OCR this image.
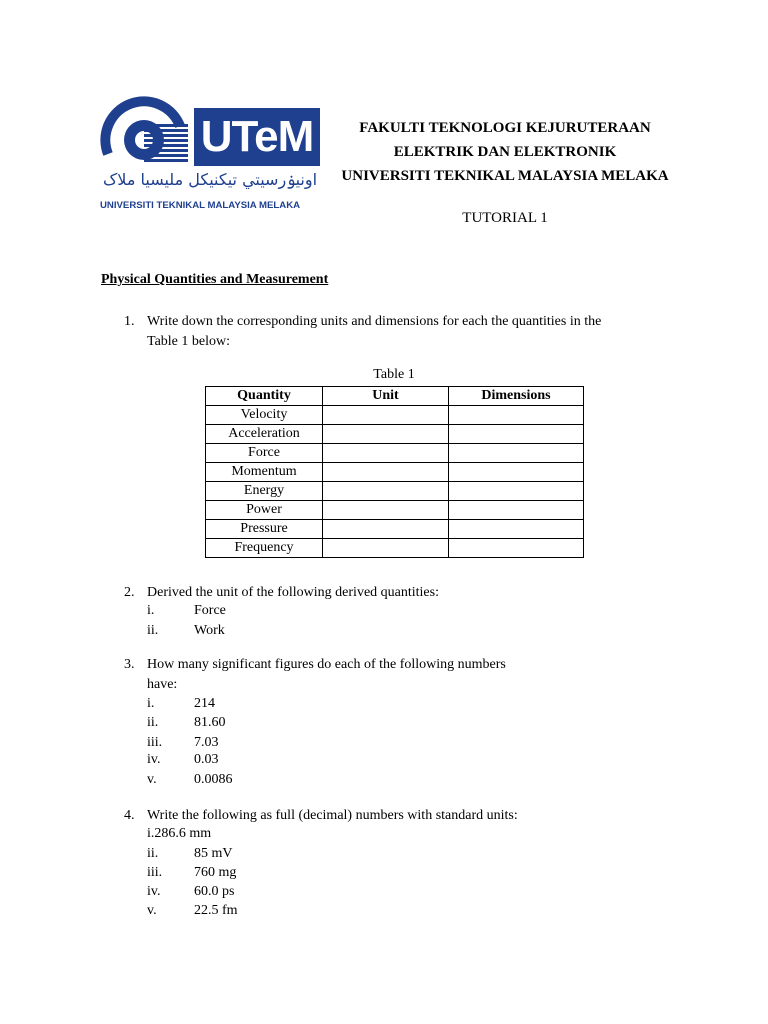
UTeM
اونيۏرسيتي تيكنيکل مليسيا ملاک
UNIVERSITI TEKNIKAL MALAYSIA MELAKA
FAKULTI TEKNOLOGI KEJURUTERAAN
ELEKTRIK DAN ELEKTRONIK
UNIVERSITI TEKNIKAL MALAYSIA MELAKA
TUTORIAL 1
Physical Quantities and Measurement
1. Write down the corresponding units and dimensions for each the quantities in the
Table 1 below:
Table 1
Quantity	Unit	Dimensions
Velocity		
Acceleration		
Force		
Momentum		
Energy		
Power		
Pressure		
Frequency		
2. Derived the unit of the following derived quantities:
i.	Force
ii.	Work
3. How many significant figures do each of the following numbers
have:
i.	214
ii.	81.60
iii. 7.03
iv. 0.03
v.	0.0086
4. Write the following as full (decimal) numbers with standard units:
i.286.6 mm
ii.	85 mV
iii. 760 mg
iv. 60.0 ps
v.	22.5 fm
